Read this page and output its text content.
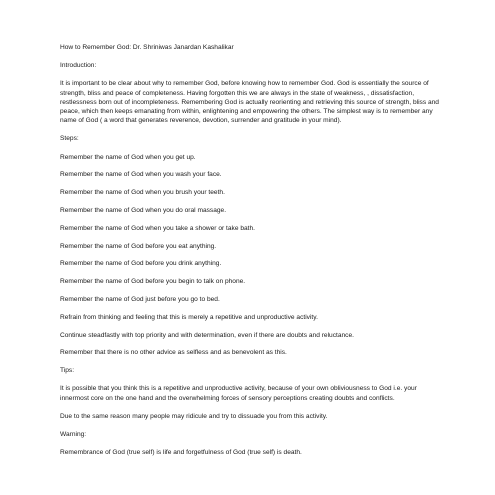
How to Remember God: Dr. Shriniwas Janardan Kashalikar

Introduction:

It is important to be clear about why to remember God, before knowing how to remember God. God is essentially the source of strength, bliss and peace of completeness. Having forgotten this we are always in the state of weakness, , dissatisfaction, restlessness born out of incompleteness. Remembering God is actually reorienting and retrieving this source of strength, bliss and peace, which then keeps emanating from within, enlightening and empowering the others. The simplest way is to remember any name of God ( a word that generates reverence, devotion, surrender and gratitude in your mind).

Steps:

Remember the name of God when you get up.

Remember the name of God when you wash your face.

Remember the name of God when you brush your teeth.

Remember the name of God when you do oral massage.

Remember the name of God when you take a shower or take bath.

Remember the name of God before you eat anything.

Remember the name of God before you drink anything.

Remember the name of God before you begin to talk on phone.

Remember the name of God just before you go to bed.

Refrain from thinking and feeling that this is merely a repetitive and unproductive activity.

Continue steadfastly with top priority and with determination, even if there are doubts and reluctance.

Remember that there is no other advice as selfless and as benevolent as this.

Tips:

It is possible that you think this is a repetitive and unproductive activity, because of your own obliviousness to God i.e. your innermost core on the one hand and the overwhelming forces of sensory perceptions creating doubts and conflicts.

Due to the same reason many people may ridicule and try to dissuade you from this activity.

Warning:

Remembrance of God (true self) is life and forgetfulness of God (true self) is death.
